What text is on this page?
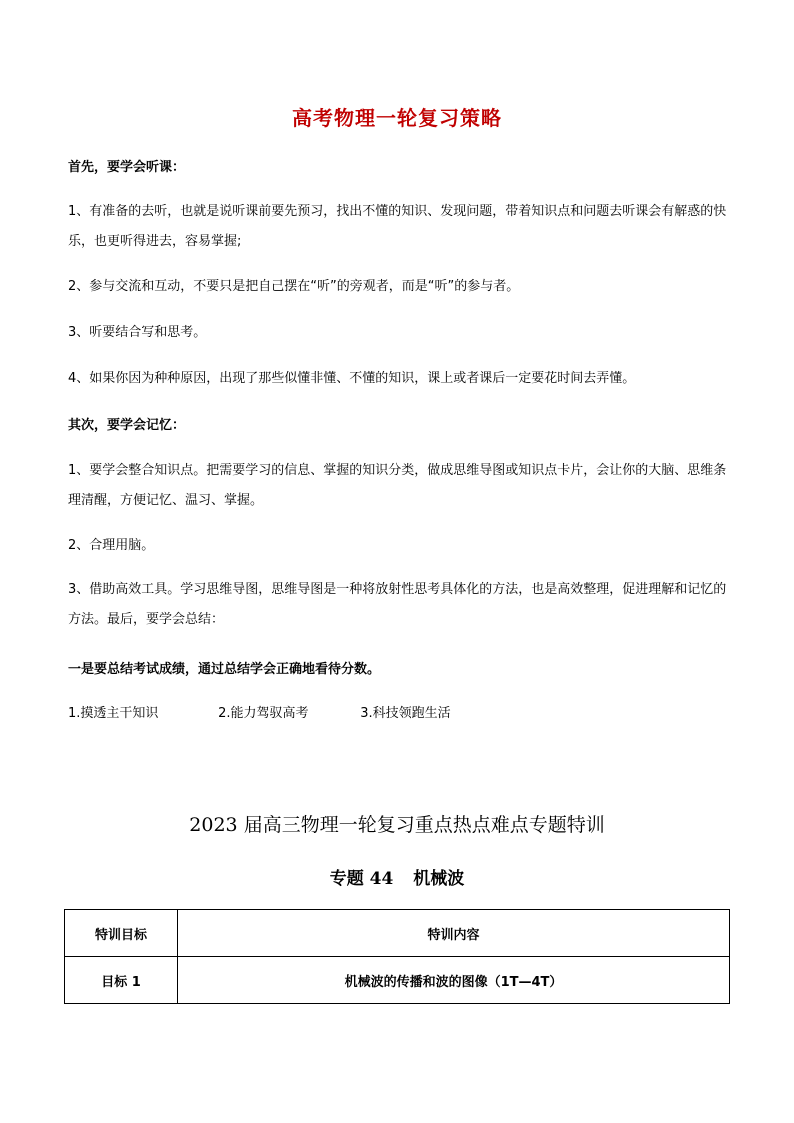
高考物理一轮复习策略
首先，要学会听课：
1、有准备的去听，也就是说听课前要先预习，找出不懂的知识、发现问题，带着知识点和问题去听课会有解惑的快乐，也更听得进去，容易掌握;
2、参与交流和互动，不要只是把自己摆在“听”的旁观者，而是“听”的参与者。
3、听要结合写和思考。
4、如果你因为种种原因，出现了那些似懂非懂、不懂的知识，课上或者课后一定要花时间去弄懂。
其次，要学会记忆：
1、要学会整合知识点。把需要学习的信息、掌握的知识分类，做成思维导图或知识点卡片，会让你的大脑、思维条理清醒，方便记忆、温习、掌握。
2、合理用脑。
3、借助高效工具。学习思维导图，思维导图是一种将放射性思考具体化的方法，也是高效整理，促进理解和记忆的方法。最后，要学会总结：
一是要总结考试成绩，通过总结学会正确地看待分数。
1.摸透主干知识	2.能力驾驭高考	3.科技领跑生活
2023 届高三物理一轮复习重点热点难点专题特训
专题 44 机械波
特训目标	特训内容
目标 1	机械波的传播和波的图像（1T—4T）
